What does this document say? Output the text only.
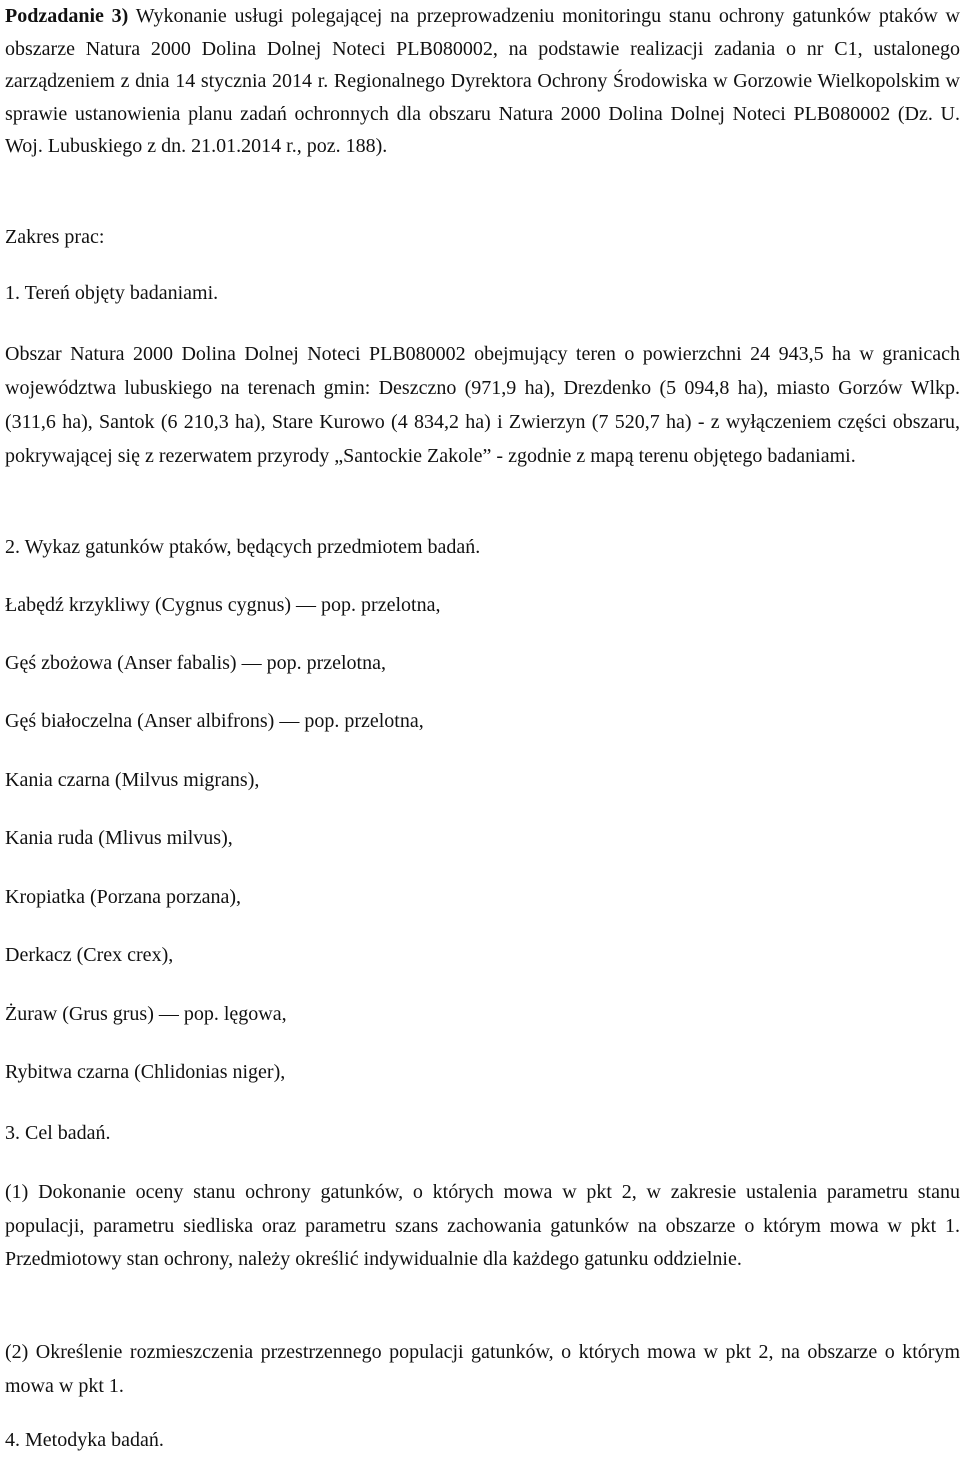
Podzadanie 3) Wykonanie usługi polegającej na przeprowadzeniu monitoringu stanu ochrony gatunków ptaków w obszarze Natura 2000 Dolina Dolnej Noteci PLB080002, na podstawie realizacji zadania o nr C1, ustalonego zarządzeniem z dnia 14 stycznia 2014 r. Regionalnego Dyrektora Ochrony Środowiska w Gorzowie Wielkopolskim w sprawie ustanowienia planu zadań ochronnych dla obszaru Natura 2000 Dolina Dolnej Noteci PLB080002 (Dz. U. Woj. Lubuskiego z dn. 21.01.2014 r., poz. 188).
Zakres prac:
1. Tereń objęty badaniami.
Obszar Natura 2000 Dolina Dolnej Noteci PLB080002 obejmujący teren o powierzchni 24 943,5 ha w granicach województwa lubuskiego na terenach gmin: Deszczno (971,9 ha), Drezdenko (5 094,8 ha), miasto Gorzów Wlkp. (311,6 ha), Santok (6 210,3 ha), Stare Kurowo (4 834,2 ha) i Zwierzyn (7 520,7 ha) - z wyłączeniem części obszaru, pokrywającej się z rezerwatem przyrody „Santockie Zakole” - zgodnie z mapą terenu objętego badaniami.
2. Wykaz gatunków ptaków, będących przedmiotem badań.
Łabędź krzykliwy (Cygnus cygnus) — pop. przelotna,
Gęś zbożowa (Anser fabalis) — pop. przelotna,
Gęś białoczelna (Anser albifrons) — pop. przelotna,
Kania czarna (Milvus migrans),
Kania ruda (Mlivus milvus),
Kropiatka (Porzana porzana),
Derkacz (Crex crex),
Żuraw (Grus grus) — pop. lęgowa,
Rybitwa czarna (Chlidonias niger),
3. Cel badań.
(1) Dokonanie oceny stanu ochrony gatunków, o których mowa w pkt 2, w zakresie ustalenia parametru stanu populacji, parametru siedliska oraz parametru szans zachowania gatunków na obszarze o którym mowa w pkt 1. Przedmiotowy stan ochrony, należy określić indywidualnie dla każdego gatunku oddzielnie.
(2) Określenie rozmieszczenia przestrzennego populacji gatunków, o których mowa w pkt 2, na obszarze o którym mowa w pkt 1.
4. Metodyka badań.
